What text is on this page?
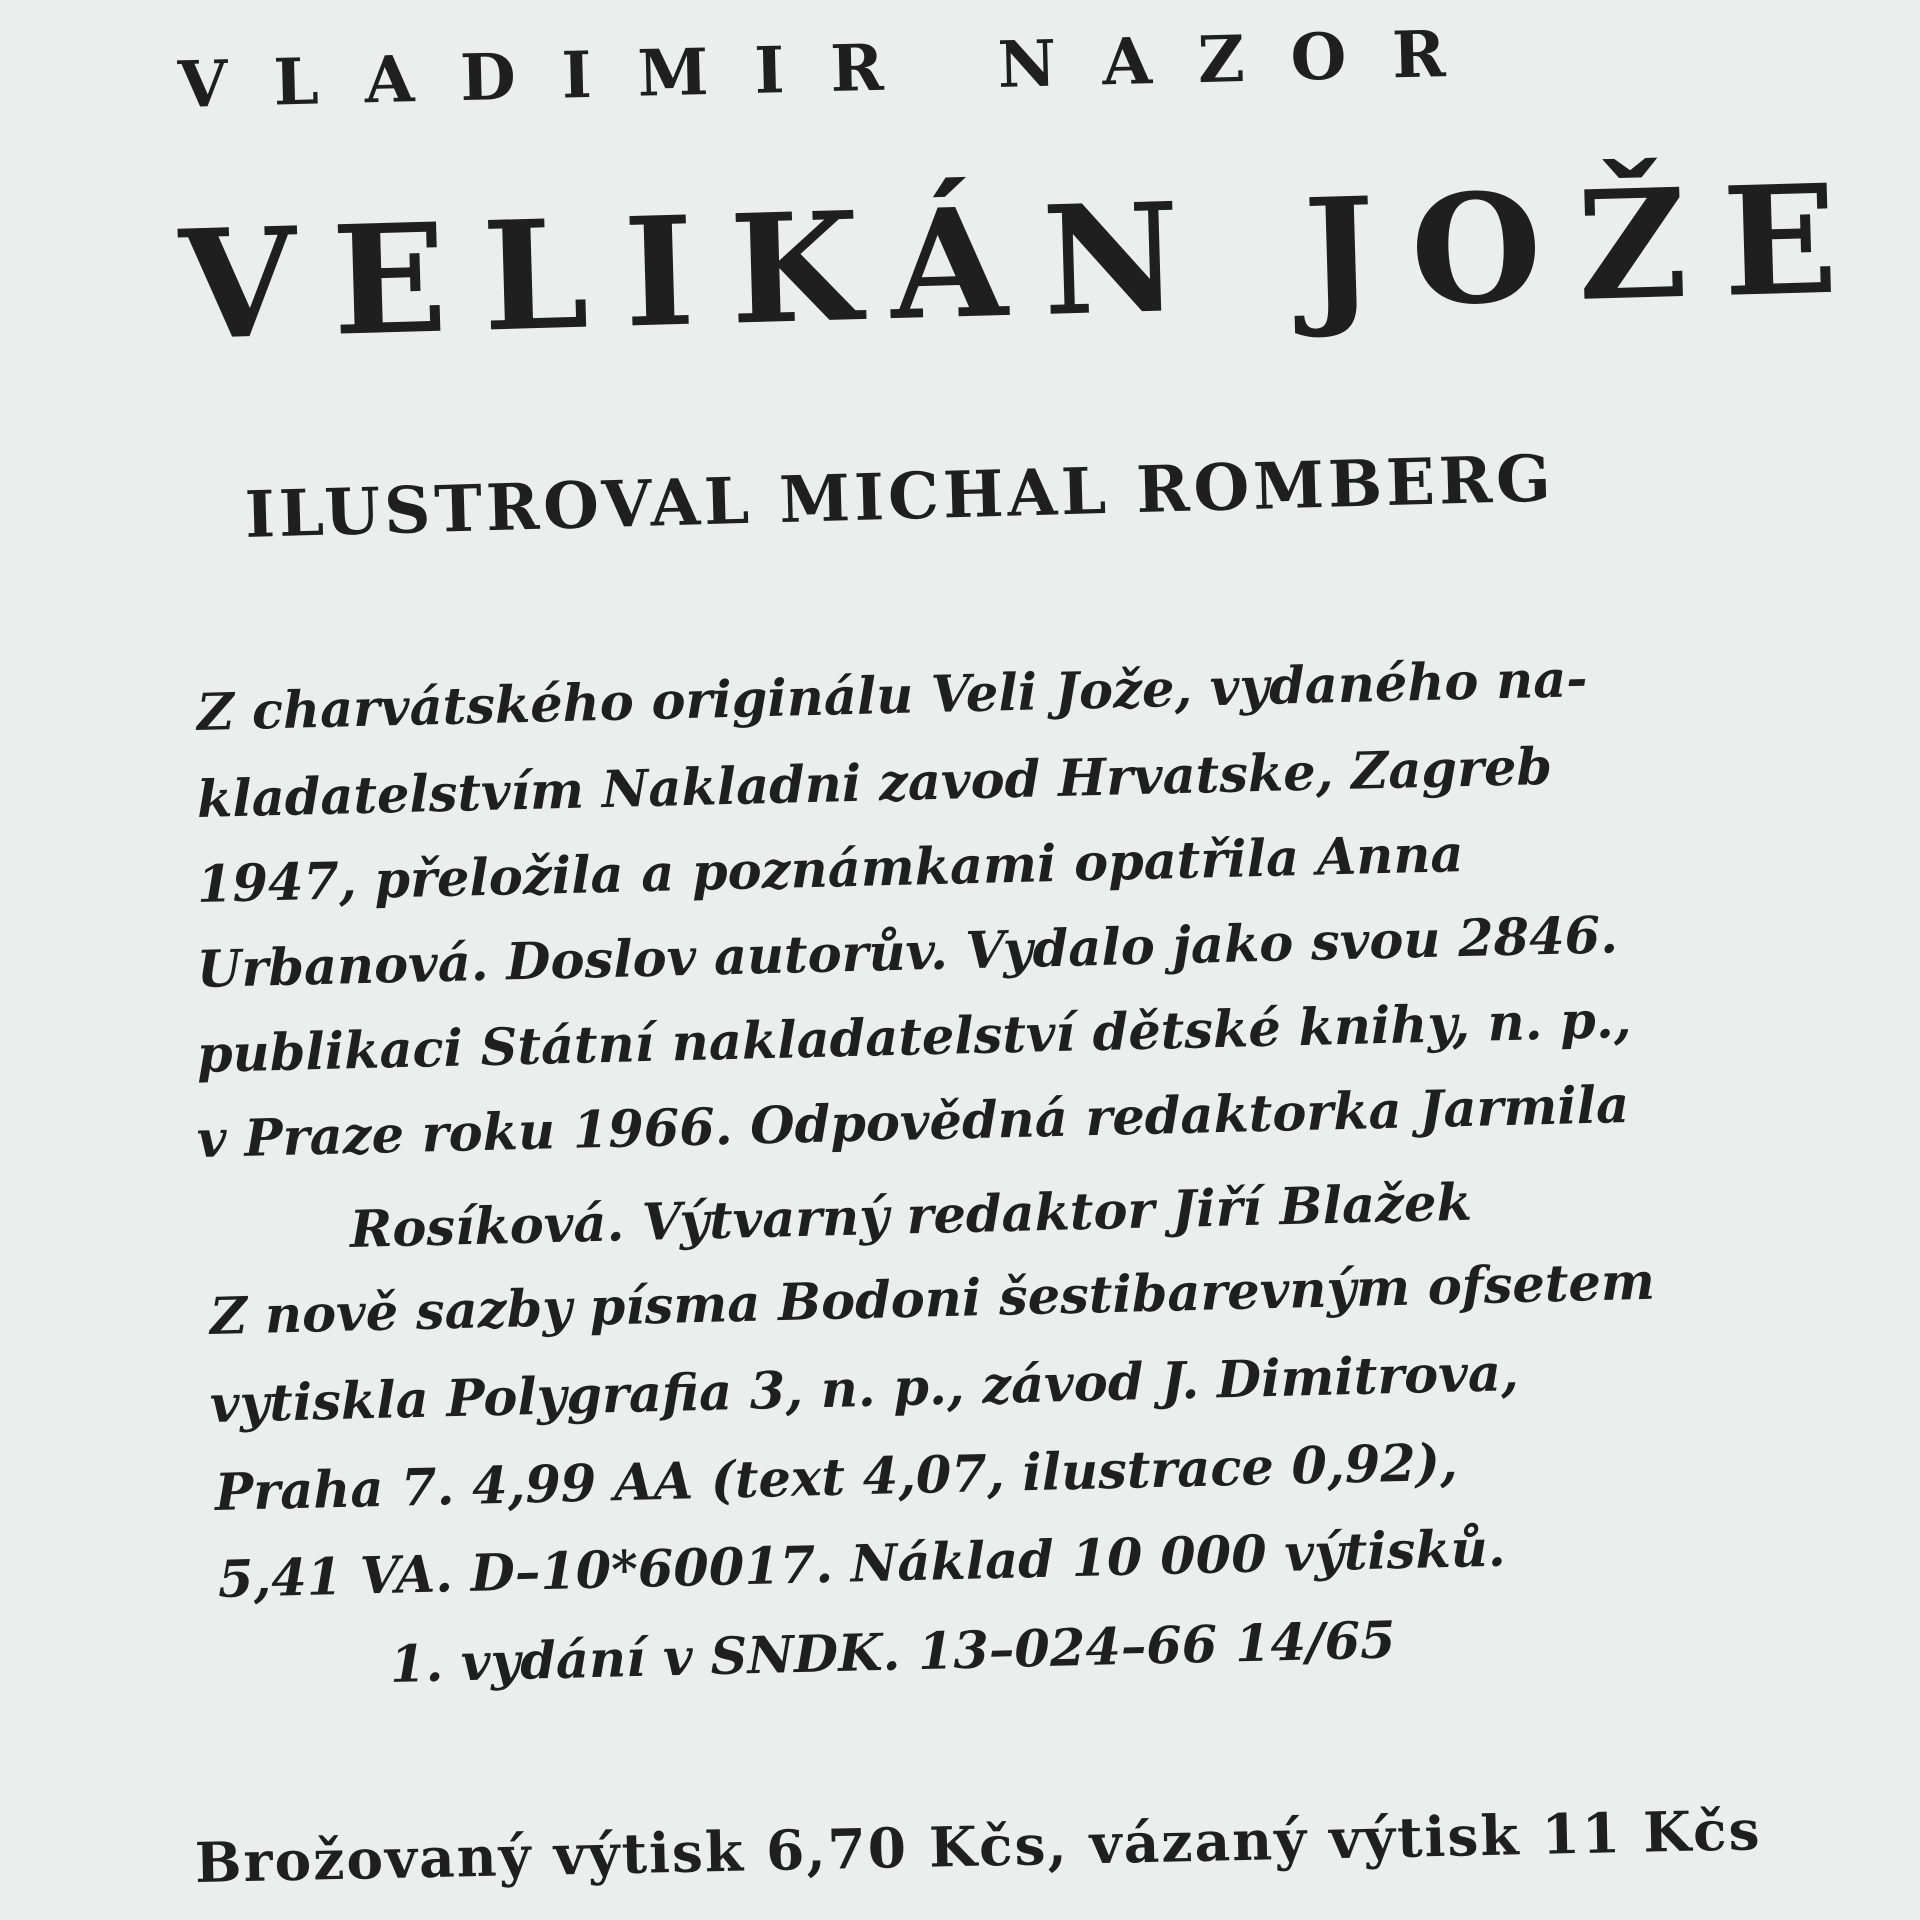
VLADIMIR NAZOR
VELIKÁN JOŽE
ILUSTROVAL MICHAL ROMBERG
Z charvátského originálu Veli Jože, vydaného na-
kladatelstvím Nakladni zavod Hrvatske, Zagreb
1947, přeložila a poznámkami opatřila Anna
Urbanová. Doslov autorův. Vydalo jako svou 2846.
publikaci Státní nakladatelství dětské knihy, n. p.,
v Praze roku 1966. Odpovědná redaktorka Jarmila
Rosíková. Výtvarný redaktor Jiří Blažek
Z nově sazby písma Bodoni šestibarevným ofsetem
vytiskla Polygrafia 3, n. p., závod J. Dimitrova,
Praha 7. 4,99 AA (text 4,07, ilustrace 0,92),
5,41 VA. D–10*60017. Náklad 10 000 výtisků.
1. vydání v SNDK. 13–024–66 14/65
Brožovaný výtisk 6,70 Kčs, vázaný výtisk 11 Kčs
